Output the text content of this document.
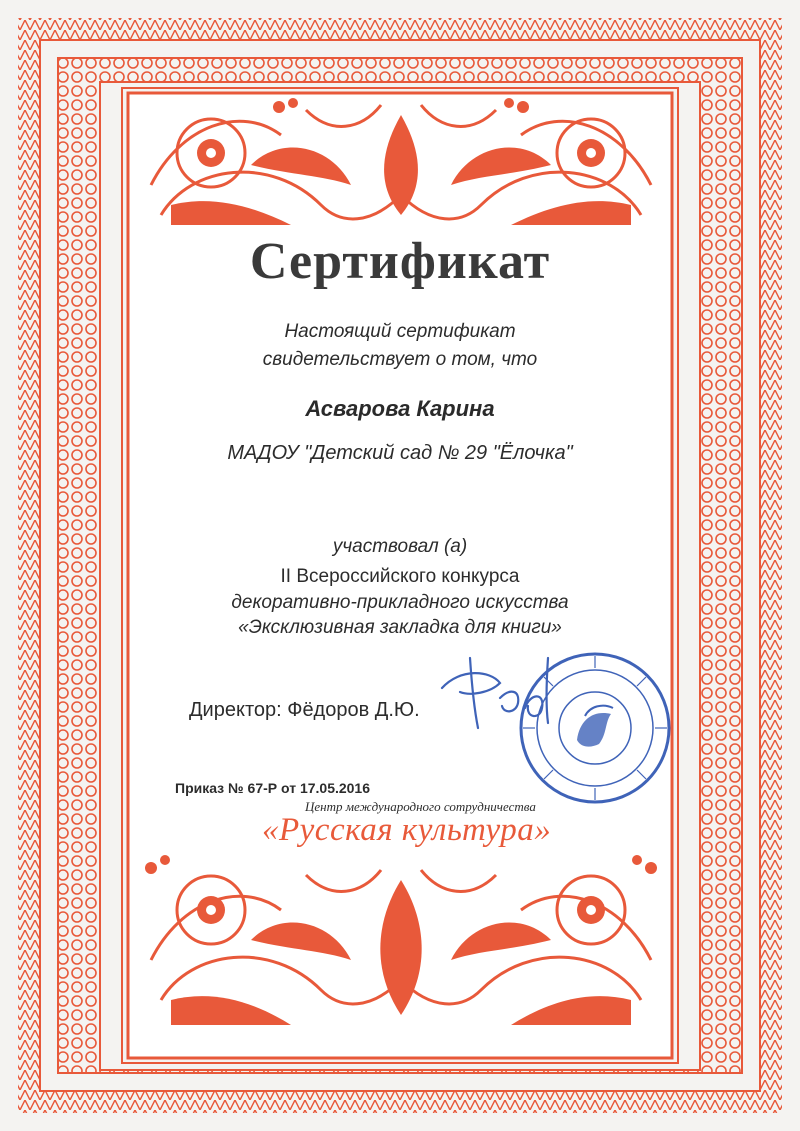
Сертификат
Настоящий сертификат
свидетельствует о том, что
Асварова Карина
МАДОУ "Детский сад № 29 "Ёлочка"
участвовал (а)
II Всероссийского конкурса
декоративно-прикладного искусства
«Эксклюзивная закладка для книги»
Директор: Фёдоров Д.Ю.
Приказ № 67-Р от 17.05.2016
Центр международного сотрудничества
«Русская культура»
